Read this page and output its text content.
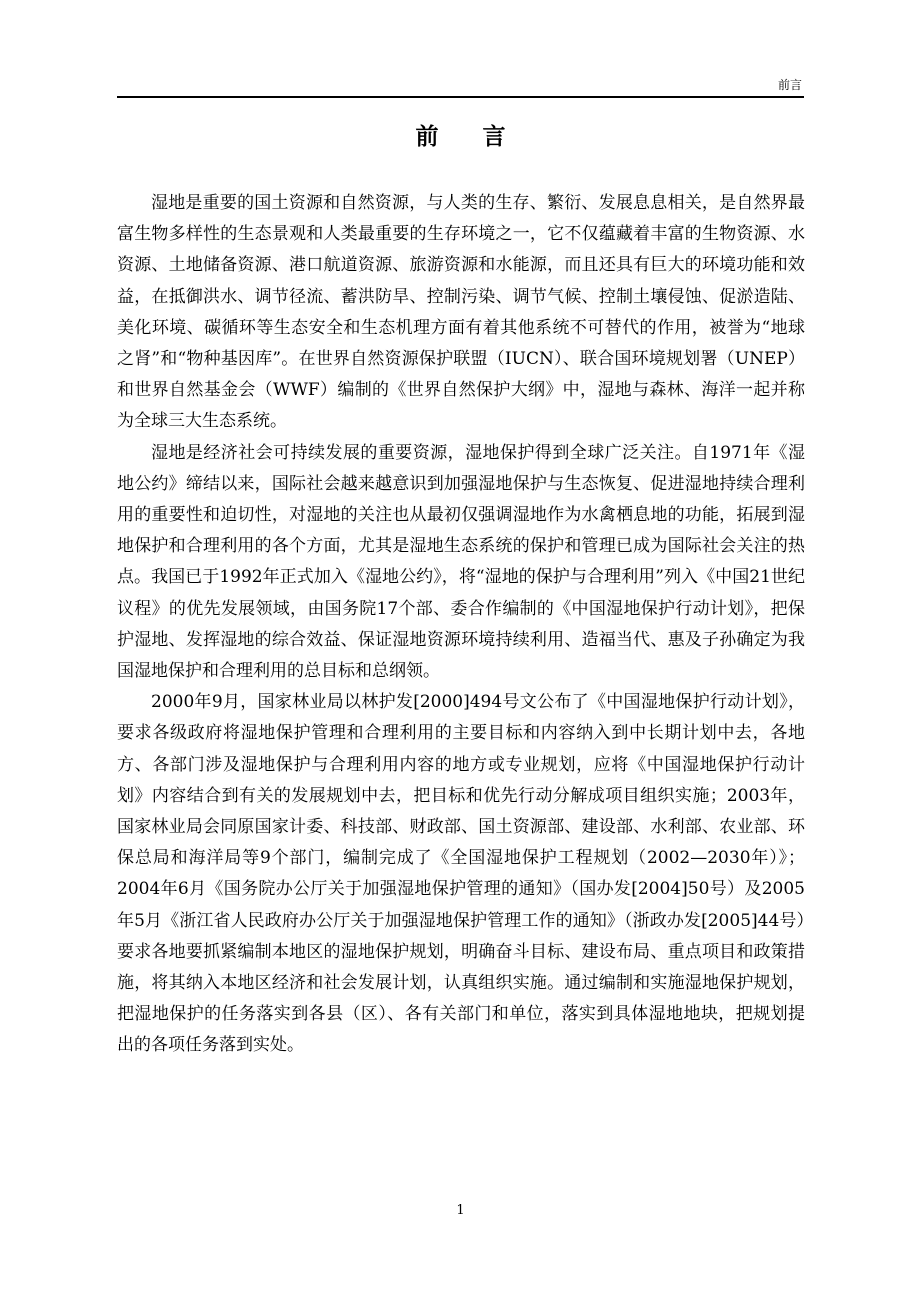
前言
前 言

湿地是重要的国土资源和自然资源，与人类的生存、繁衍、发展息息相关，是自然界最富生物多样性的生态景观和人类最重要的生存环境之一，它不仅蕴藏着丰富的生物资源、水资源、土地储备资源、港口航道资源、旅游资源和水能源，而且还具有巨大的环境功能和效益，在抵御洪水、调节径流、蓄洪防旱、控制污染、调节气候、控制土壤侵蚀、促淤造陆、美化环境、碳循环等生态安全和生态机理方面有着其他系统不可替代的作用，被誉为“地球之肾”和“物种基因库”。在世界自然资源保护联盟（IUCN）、联合国环境规划署（UNEP）和世界自然基金会（WWF）编制的《世界自然保护大纲》中，湿地与森林、海洋一起并称为全球三大生态系统。

湿地是经济社会可持续发展的重要资源，湿地保护得到全球广泛关注。自1971年《湿地公约》缔结以来，国际社会越来越意识到加强湿地保护与生态恢复、促进湿地持续合理利用的重要性和迫切性，对湿地的关注也从最初仅强调湿地作为水禽栖息地的功能，拓展到湿地保护和合理利用的各个方面，尤其是湿地生态系统的保护和管理已成为国际社会关注的热点。我国已于1992年正式加入《湿地公约》，将“湿地的保护与合理利用”列入《中国21世纪议程》的优先发展领域，由国务院17个部、委合作编制的《中国湿地保护行动计划》，把保护湿地、发挥湿地的综合效益、保证湿地资源环境持续利用、造福当代、惠及子孙确定为我国湿地保护和合理利用的总目标和总纲领。

2000年9月，国家林业局以林护发[2000]494号文公布了《中国湿地保护行动计划》，要求各级政府将湿地保护管理和合理利用的主要目标和内容纳入到中长期计划中去，各地方、各部门涉及湿地保护与合理利用内容的地方或专业规划，应将《中国湿地保护行动计划》内容结合到有关的发展规划中去，把目标和优先行动分解成项目组织实施；2003年，国家林业局会同原国家计委、科技部、财政部、国土资源部、建设部、水利部、农业部、环保总局和海洋局等9个部门，编制完成了《全国湿地保护工程规划（2002—2030年）》；2004年6月《国务院办公厅关于加强湿地保护管理的通知》（国办发[2004]50号）及2005年5月《浙江省人民政府办公厅关于加强湿地保护管理工作的通知》（浙政办发[2005]44号）要求各地要抓紧编制本地区的湿地保护规划，明确奋斗目标、建设布局、重点项目和政策措施，将其纳入本地区经济和社会发展计划，认真组织实施。通过编制和实施湿地保护规划，把湿地保护的任务落实到各县（区）、各有关部门和单位，落实到具体湿地地块，把规划提出的各项任务落到实处。

1
